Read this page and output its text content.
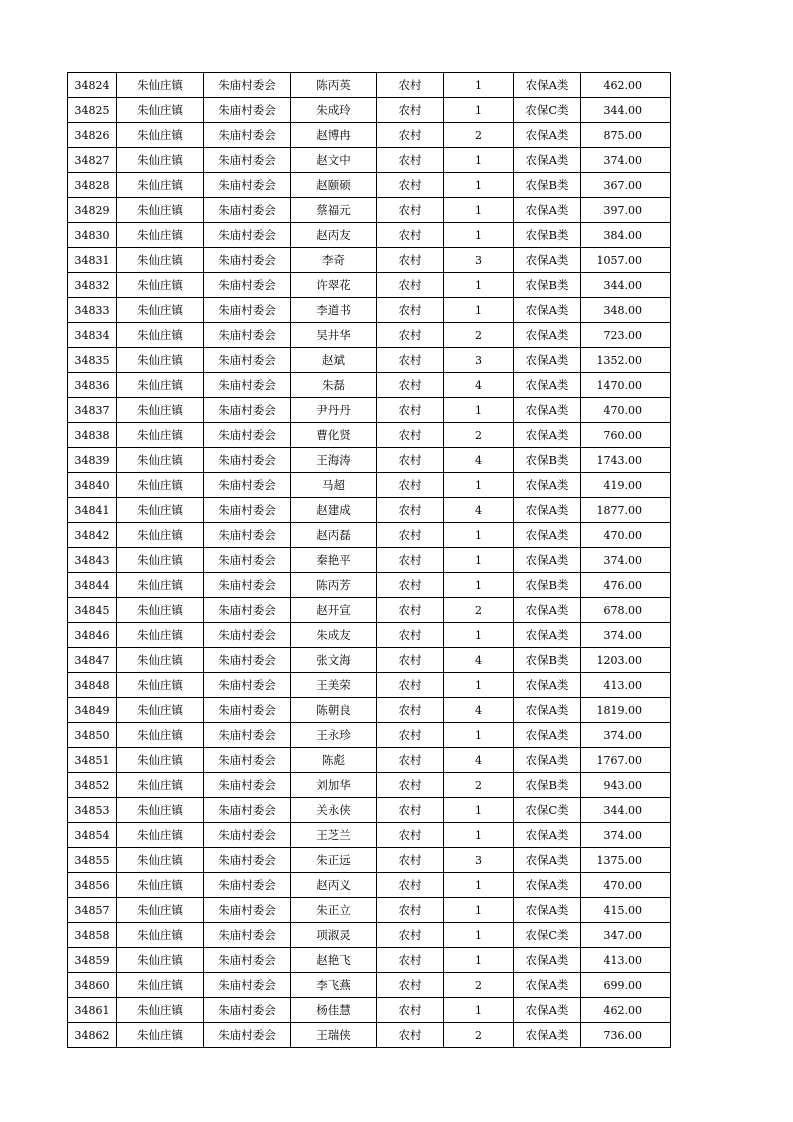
34824	朱仙庄镇	朱庙村委会	陈丙英	农村	1	农保A类	462.00
34825	朱仙庄镇	朱庙村委会	朱成玲	农村	1	农保C类	344.00
34826	朱仙庄镇	朱庙村委会	赵博冉	农村	2	农保A类	875.00
34827	朱仙庄镇	朱庙村委会	赵文中	农村	1	农保A类	374.00
34828	朱仙庄镇	朱庙村委会	赵颐硕	农村	1	农保B类	367.00
34829	朱仙庄镇	朱庙村委会	蔡福元	农村	1	农保A类	397.00
34830	朱仙庄镇	朱庙村委会	赵丙友	农村	1	农保B类	384.00
34831	朱仙庄镇	朱庙村委会	李奇	农村	3	农保A类	1057.00
34832	朱仙庄镇	朱庙村委会	许翠花	农村	1	农保B类	344.00
34833	朱仙庄镇	朱庙村委会	李道书	农村	1	农保A类	348.00
34834	朱仙庄镇	朱庙村委会	吴井华	农村	2	农保A类	723.00
34835	朱仙庄镇	朱庙村委会	赵斌	农村	3	农保A类	1352.00
34836	朱仙庄镇	朱庙村委会	朱磊	农村	4	农保A类	1470.00
34837	朱仙庄镇	朱庙村委会	尹丹丹	农村	1	农保A类	470.00
34838	朱仙庄镇	朱庙村委会	曹化贤	农村	2	农保A类	760.00
34839	朱仙庄镇	朱庙村委会	王海涛	农村	4	农保B类	1743.00
34840	朱仙庄镇	朱庙村委会	马超	农村	1	农保A类	419.00
34841	朱仙庄镇	朱庙村委会	赵建成	农村	4	农保A类	1877.00
34842	朱仙庄镇	朱庙村委会	赵丙磊	农村	1	农保A类	470.00
34843	朱仙庄镇	朱庙村委会	秦艳平	农村	1	农保A类	374.00
34844	朱仙庄镇	朱庙村委会	陈丙芳	农村	1	农保B类	476.00
34845	朱仙庄镇	朱庙村委会	赵开宣	农村	2	农保A类	678.00
34846	朱仙庄镇	朱庙村委会	朱成友	农村	1	农保A类	374.00
34847	朱仙庄镇	朱庙村委会	张文海	农村	4	农保B类	1203.00
34848	朱仙庄镇	朱庙村委会	王美荣	农村	1	农保A类	413.00
34849	朱仙庄镇	朱庙村委会	陈朝良	农村	4	农保A类	1819.00
34850	朱仙庄镇	朱庙村委会	王永珍	农村	1	农保A类	374.00
34851	朱仙庄镇	朱庙村委会	陈彪	农村	4	农保A类	1767.00
34852	朱仙庄镇	朱庙村委会	刘加华	农村	2	农保B类	943.00
34853	朱仙庄镇	朱庙村委会	关永侠	农村	1	农保C类	344.00
34854	朱仙庄镇	朱庙村委会	王芝兰	农村	1	农保A类	374.00
34855	朱仙庄镇	朱庙村委会	朱正远	农村	3	农保A类	1375.00
34856	朱仙庄镇	朱庙村委会	赵丙义	农村	1	农保A类	470.00
34857	朱仙庄镇	朱庙村委会	朱正立	农村	1	农保A类	415.00
34858	朱仙庄镇	朱庙村委会	项淑灵	农村	1	农保C类	347.00
34859	朱仙庄镇	朱庙村委会	赵艳飞	农村	1	农保A类	413.00
34860	朱仙庄镇	朱庙村委会	李飞燕	农村	2	农保A类	699.00
34861	朱仙庄镇	朱庙村委会	杨佳慧	农村	1	农保A类	462.00
34862	朱仙庄镇	朱庙村委会	王瑞侠	农村	2	农保A类	736.00
